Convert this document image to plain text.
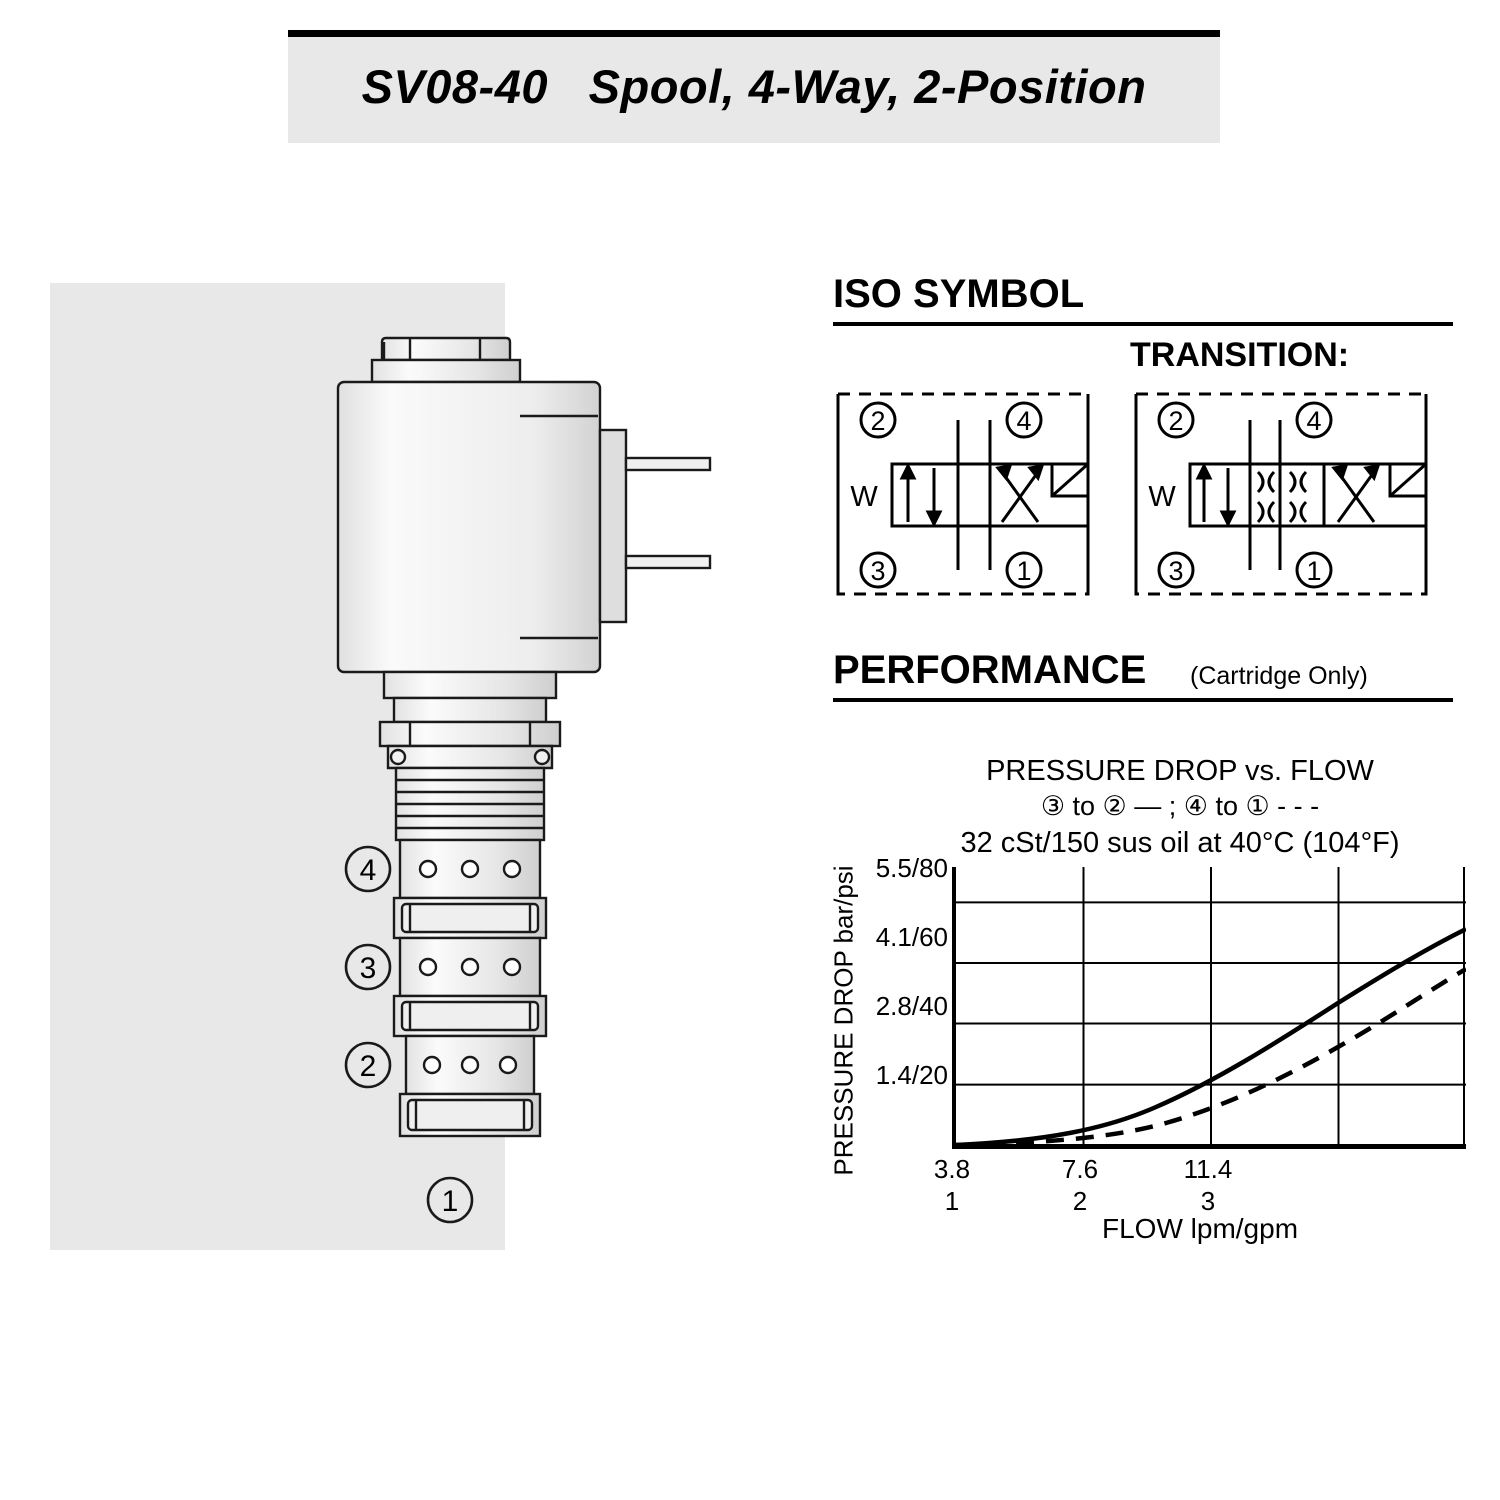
SV08-40   Spool, 4-Way, 2-Position
4
3
2
1
ISO SYMBOL
TRANSITION:
2	4
3	1
W
2	4
3	1
W
PERFORMANCE (Cartridge Only)
PRESSURE DROP vs. FLOW
③ to ② — ; ④ to ① - - -
32 cSt/150 sus oil at 40°C (104°F)
PRESSURE DROP bar/psi 5.5/80
4.1/60
2.8/40
1.4/20
3.8
1
7.6
2
11.4
3
FLOW lpm/gpm
